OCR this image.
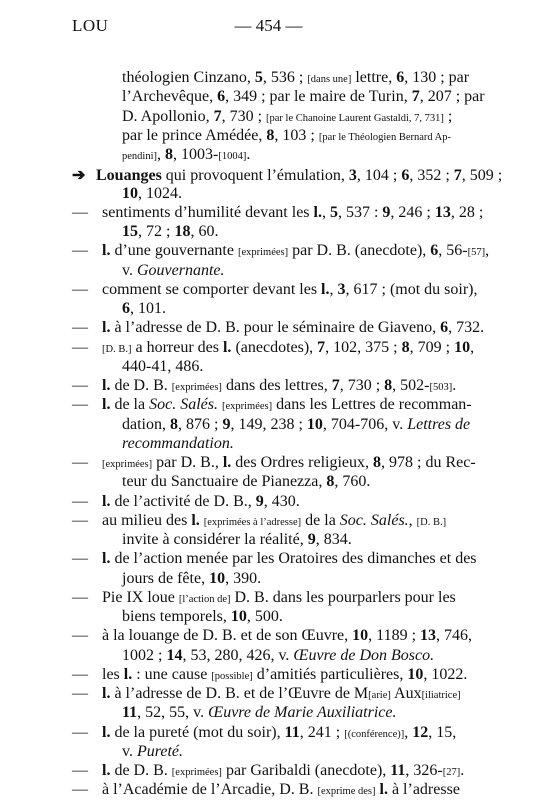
LOU	— 454 —
théologien Cinzano, 5, 536 ; [dans une] lettre, 6, 130 ; par
l’Archevêque, 6, 349 ; par le maire de Turin, 7, 207 ; par
D. Apollonio, 7, 730 ; [par le Chanoine Laurent Gastaldi, 7, 731] ;
par le prince Amédée, 8, 103 ; [par le Théologien Bernard Ap-
pendini], 8, 1003-[1004].
➔ Louanges qui provoquent l’émulation, 3, 104 ; 6, 352 ; 7, 509 ;
10, 1024.
— sentiments d’humilité devant les l., 5, 537 : 9, 246 ; 13, 28 ;
15, 72 ; 18, 60.
— l. d’une gouvernante [exprimées] par D. B. (anecdote), 6, 56-[57],
v. Gouvernante.
— comment se comporter devant les l., 3, 617 ; (mot du soir),
6, 101.
— l. à l’adresse de D. B. pour le séminaire de Giaveno, 6, 732.
— [D. B.] a horreur des l. (anecdotes), 7, 102, 375 ; 8, 709 ; 10,
440-41, 486.
— l. de D. B. [exprimées] dans des lettres, 7, 730 ; 8, 502-[503].
— l. de la Soc. Salés. [exprimées] dans les Lettres de recomman-
dation, 8, 876 ; 9, 149, 238 ; 10, 704-706, v. Lettres de
recommandation.
— [exprimées] par D. B., l. des Ordres religieux, 8, 978 ; du Rec-
teur du Sanctuaire de Pianezza, 8, 760.
— l. de l’activité de D. B., 9, 430.
— au milieu des l. [exprimées à l’adresse] de la Soc. Salés., [D. B.]
invite à considérer la réalité, 9, 834.
— l. de l’action menée par les Oratoires des dimanches et des
jours de fête, 10, 390.
— Pie IX loue [l’action de] D. B. dans les pourparlers pour les
biens temporels, 10, 500.
— à la louange de D. B. et de son Œuvre, 10, 1189 ; 13, 746,
1002 ; 14, 53, 280, 426, v. Œuvre de Don Bosco.
— les l. : une cause [possible] d’amitiés particulières, 10, 1022.
— l. à l’adresse de D. B. et de l’Œuvre de M[arie] Aux[iliatrice]
11, 52, 55, v. Œuvre de Marie Auxiliatrice.
— l. de la pureté (mot du soir), 11, 241 ; [(conférence)], 12, 15,
v. Pureté.
— l. de D. B. [exprimées] par Garibaldi (anecdote), 11, 326-[27].
— à l’Académie de l’Arcadie, D. B. [exprime des] l. à l’adresse
